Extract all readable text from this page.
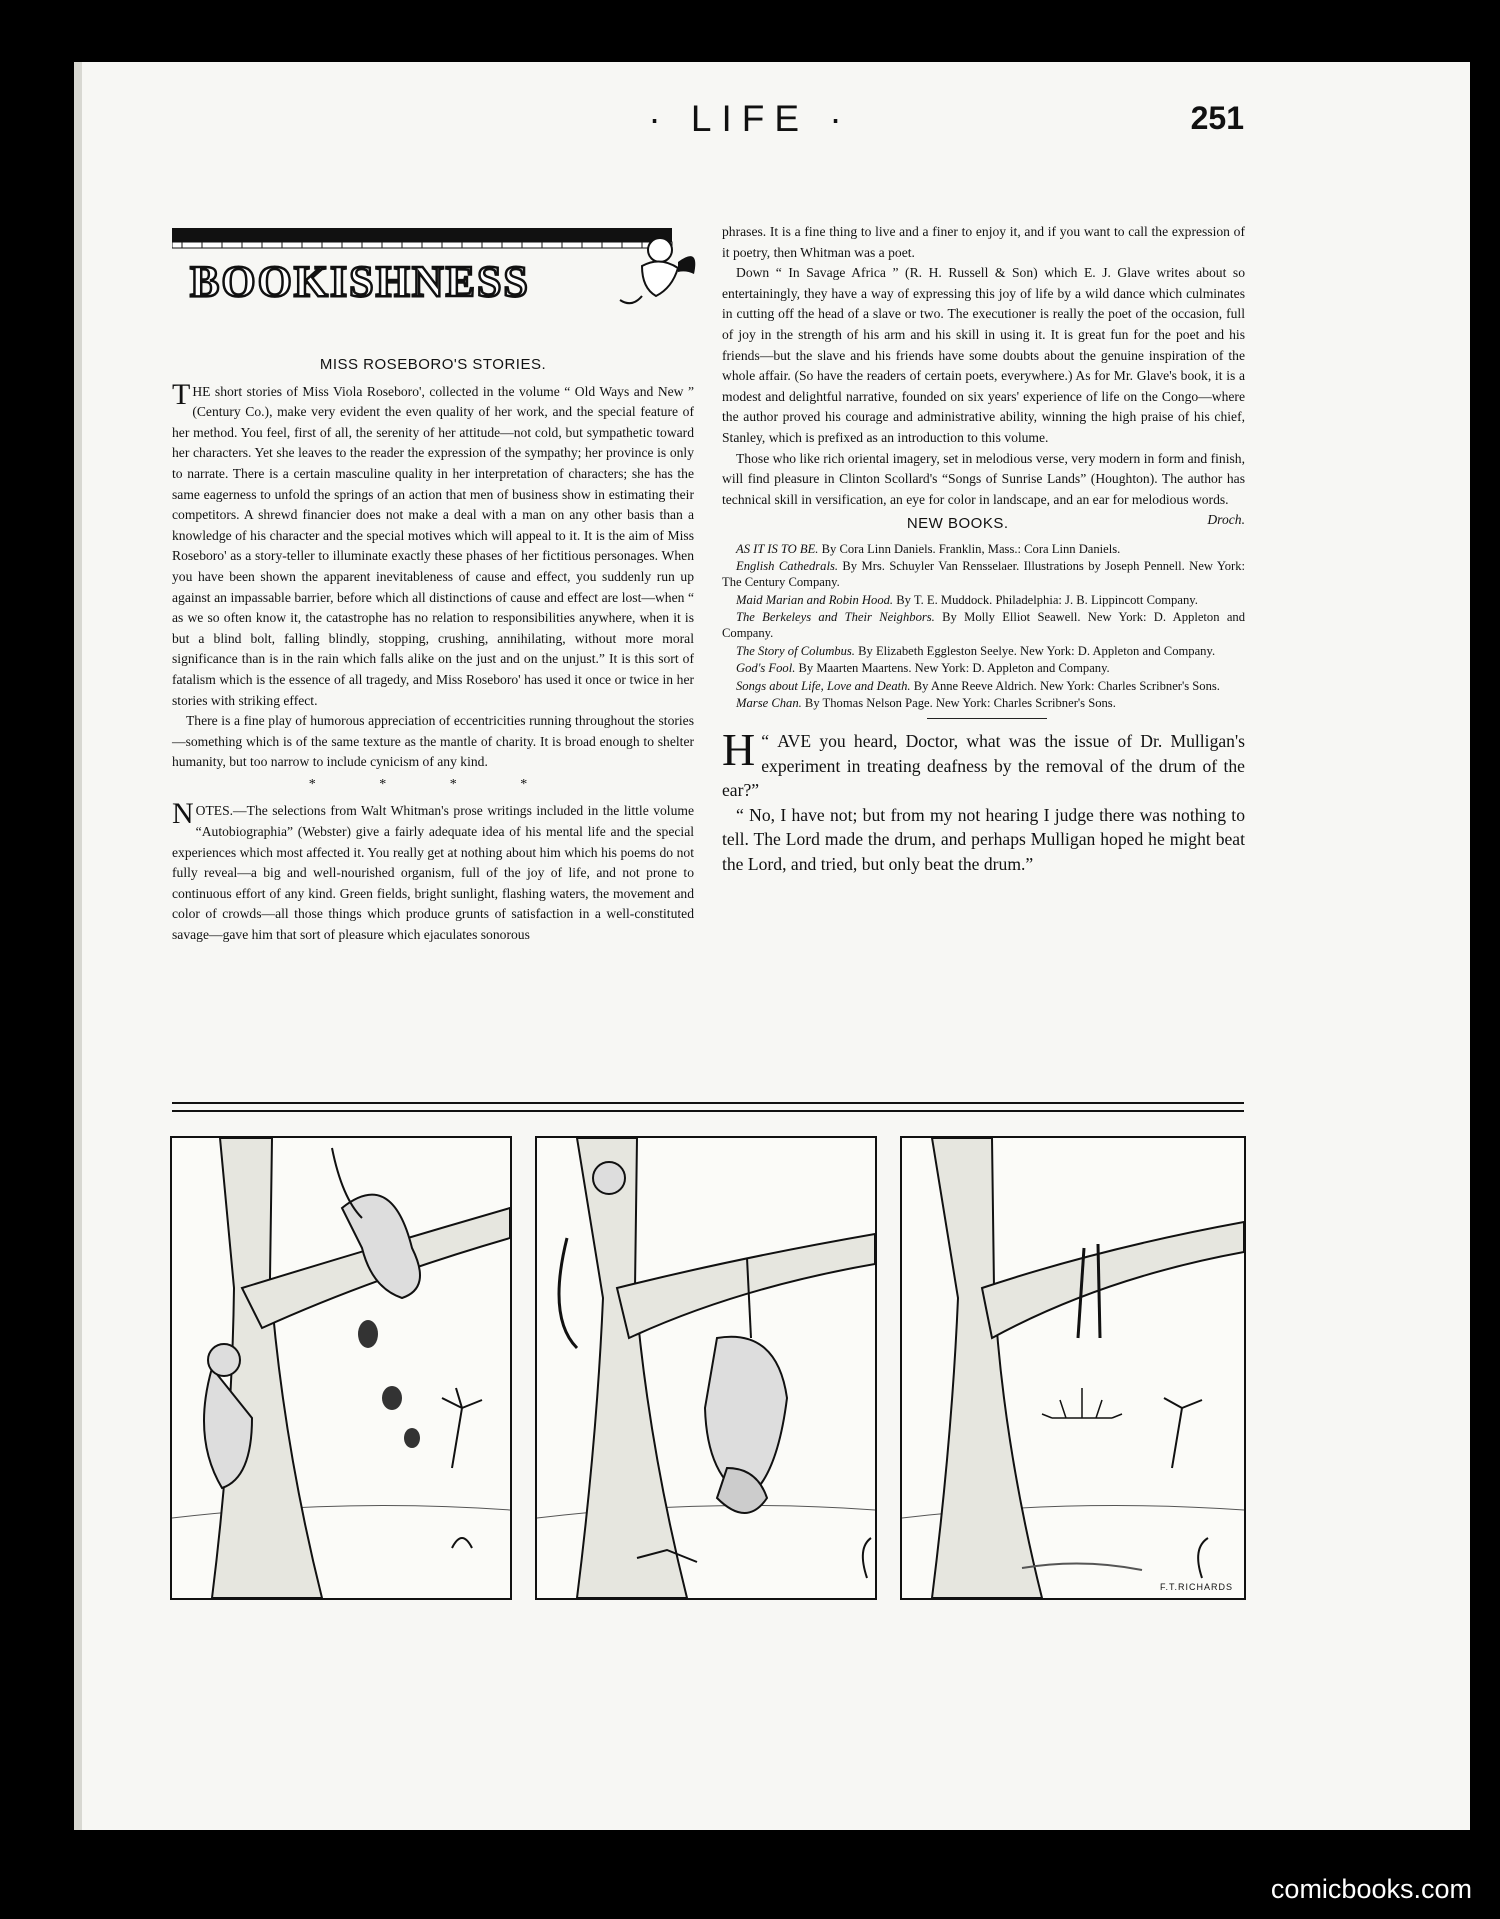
· LIFE ·	251
BOOKISHNESS
MISS ROSEBORO'S STORIES.

THE short stories of Miss Viola Roseboro', collected in the volume “ Old Ways and New ” (Century Co.), make very evident the even quality of her work, and the special feature of her method. You feel, first of all, the serenity of her attitude—not cold, but sympathetic toward her characters. Yet she leaves to the reader the expression of the sympathy; her province is only to narrate. There is a certain masculine quality in her interpretation of characters; she has the same eagerness to unfold the springs of an action that men of business show in estimating their competitors. A shrewd financier does not make a deal with a man on any other basis than a knowledge of his character and the special motives which will appeal to it. It is the aim of Miss Roseboro' as a story-teller to illuminate exactly these phases of her fictitious personages. When you have been shown the apparent inevitableness of cause and effect, you suddenly run up against an impassable barrier, before which all distinctions of cause and effect are lost—when “ as we so often know it, the catastrophe has no relation to responsibilities anywhere, when it is but a blind bolt, falling blindly, stopping, crushing, annihilating, without more moral significance than is in the rain which falls alike on the just and on the unjust.” It is this sort of fatalism which is the essence of all tragedy, and Miss Roseboro' has used it once or twice in her stories with striking effect.

There is a fine play of humorous appreciation of eccentricities running throughout the stories—something which is of the same texture as the mantle of charity. It is broad enough to shelter humanity, but too narrow to include cynicism of any kind.

* * * *

NOTES.—The selections from Walt Whitman's prose writings included in the little volume “Autobiographia” (Webster) give a fairly adequate idea of his mental life and the special experiences which most affected it. You really get at nothing about him which his poems do not fully reveal—a big and well-nourished organism, full of the joy of life, and not prone to continuous effort of any kind. Green fields, bright sunlight, flashing waters, the movement and color of crowds—all those things which produce grunts of satisfaction in a well-constituted savage—gave him that sort of pleasure which ejaculates sonorous

phrases. It is a fine thing to live and a finer to enjoy it, and if you want to call the expression of it poetry, then Whitman was a poet.

Down “ In Savage Africa ” (R. H. Russell & Son) which E. J. Glave writes about so entertainingly, they have a way of expressing this joy of life by a wild dance which culminates in cutting off the head of a slave or two. The executioner is really the poet of the occasion, full of joy in the strength of his arm and his skill in using it. It is great fun for the poet and his friends—but the slave and his friends have some doubts about the genuine inspiration of the whole affair. (So have the readers of certain poets, everywhere.) As for Mr. Glave's book, it is a modest and delightful narrative, founded on six years' experience of life on the Congo—where the author proved his courage and administrative ability, winning the high praise of his chief, Stanley, which is prefixed as an introduction to this volume.

Those who like rich oriental imagery, set in melodious verse, very modern in form and finish, will find pleasure in Clinton Scollard's “Songs of Sunrise Lands” (Houghton). The author has technical skill in versification, an eye for color in landscape, and an ear for melodious words.
Droch.

NEW BOOKS.
AS IT IS TO BE. By Cora Linn Daniels. Franklin, Mass.: Cora Linn Daniels.
English Cathedrals. By Mrs. Schuyler Van Rensselaer. Illustrations by Joseph Pennell. New York: The Century Company.
Maid Marian and Robin Hood. By T. E. Muddock. Philadelphia: J. B. Lippincott Company.
The Berkeleys and Their Neighbors. By Molly Elliot Seawell. New York: D. Appleton and Company.
The Story of Columbus. By Elizabeth Eggleston Seelye. New York: D. Appleton and Company.
God's Fool. By Maarten Maartens. New York: D. Appleton and Company.
Songs about Life, Love and Death. By Anne Reeve Aldrich. New York: Charles Scribner's Sons.
Marse Chan. By Thomas Nelson Page. New York: Charles Scribner's Sons.

“
H AVE you heard, Doctor, what was the issue of Dr. Mulligan's experiment in treating deafness by the removal of the drum of the ear?”

“ No, I have not; but from my not hearing I judge there was nothing to tell. The Lord made the drum, and perhaps Mulligan hoped he might beat the Lord, and tried, but only beat the drum.”

F.T.RICHARDS
comicbooks.com
